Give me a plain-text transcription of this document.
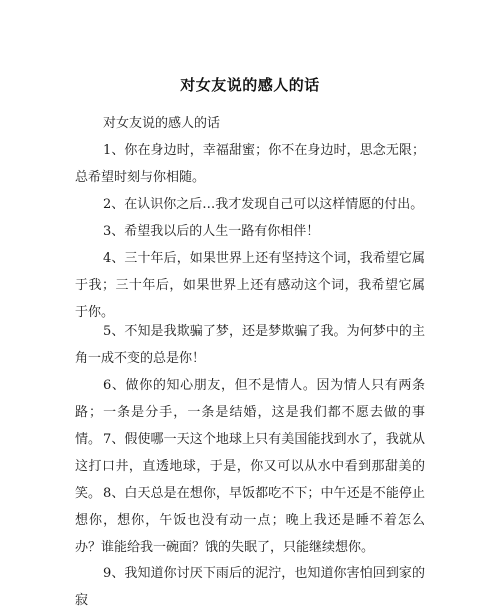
对女友说的感人的话

对女友说的感人的话

1、你在身边时，幸福甜蜜；你不在身边时，思念无限；总希望时刻与你相随。

2、在认识你之后…我才发现自己可以这样情愿的付出。

3、希望我以后的人生一路有你相伴！

4、三十年后，如果世界上还有坚持这个词，我希望它属于我；三十年后，如果世界上还有感动这个词，我希望它属于你。

5、不知是我欺骗了梦，还是梦欺骗了我。为何梦中的主角一成不变的总是你！

6、做你的知心朋友，但不是情人。因为情人只有两条路；一条是分手，一条是结婚，这是我们都不愿去做的事情。 7、假使哪一天这个地球上只有美国能找到水了，我就从这打口井，直透地球，于是，你又可以从水中看到那甜美的笑。 8、白天总是在想你，早饭都吃不下；中午还是不能停止想你，想你，午饭也没有动一点；晚上我还是睡不着怎么办？谁能给我一碗面？饿的失眠了，只能继续想你。

9、我知道你讨厌下雨后的泥泞，也知道你害怕回到家的寂
